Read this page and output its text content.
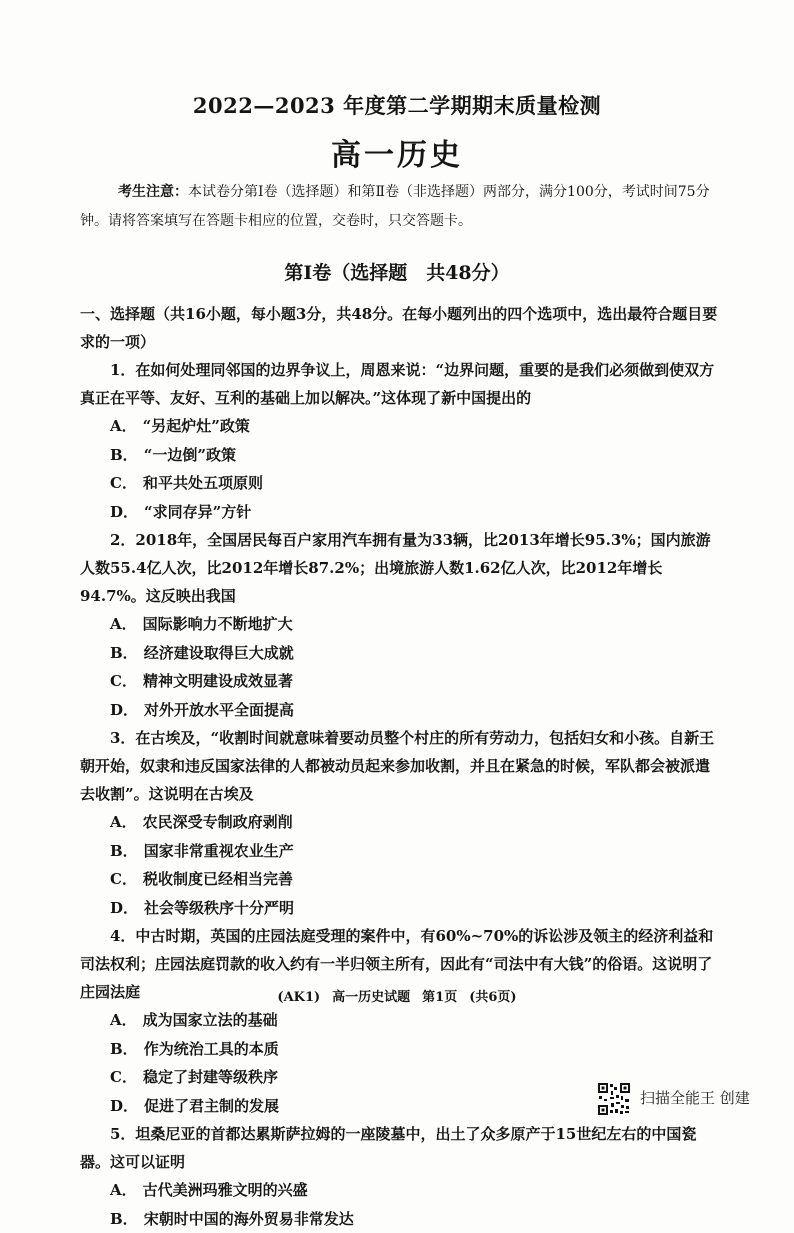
2022—2023 年度第二学期期末质量检测
高一历史
考生注意：本试卷分第Ⅰ卷（选择题）和第Ⅱ卷（非选择题）两部分，满分100分，考试时间75分钟。请将答案填写在答题卡相应的位置，交卷时，只交答题卡。
第Ⅰ卷（选择题　共48分）

一、选择题（共16小题，每小题3分，共48分。在每小题列出的四个选项中，选出最符合题目要求的一项）

1．在如何处理同邻国的边界争议上，周恩来说：“边界问题，重要的是我们必须做到使双方真正在平等、友好、互利的基础上加以解决。”这体现了新中国提出的

A． “另起炉灶”政策
B． “一边倒”政策
C． 和平共处五项原则
D． “求同存异”方针

2．2018年，全国居民每百户家用汽车拥有量为33辆，比2013年增长95.3%；国内旅游人数55.4亿人次，比2012年增长87.2%；出境旅游人数1.62亿人次，比2012年增长94.7%。这反映出我国

A． 国际影响力不断地扩大
B． 经济建设取得巨大成就
C． 精神文明建设成效显著
D． 对外开放水平全面提高

3．在古埃及，“收割时间就意味着要动员整个村庄的所有劳动力，包括妇女和小孩。自新王朝开始，奴隶和违反国家法律的人都被动员起来参加收割，并且在紧急的时候，军队都会被派遣去收割”。这说明在古埃及

A． 农民深受专制政府剥削
B． 国家非常重视农业生产
C． 税收制度已经相当完善
D． 社会等级秩序十分严明

4．中古时期，英国的庄园法庭受理的案件中，有60%~70%的诉讼涉及领主的经济利益和司法权利；庄园法庭罚款的收入约有一半归领主所有，因此有“司法中有大钱”的俗语。这说明了庄园法庭

A． 成为国家立法的基础
B． 作为统治工具的本质
C． 稳定了封建等级秩序
D． 促进了君主制的发展

5．坦桑尼亚的首都达累斯萨拉姆的一座陵墓中，出土了众多原产于15世纪左右的中国瓷器。这可以证明

A． 古代美洲玛雅文明的兴盛
B． 宋朝时中国的海外贸易非常发达
(AK1) 高一历史试题 第1页 (共6页)
扫描全能王 创建
